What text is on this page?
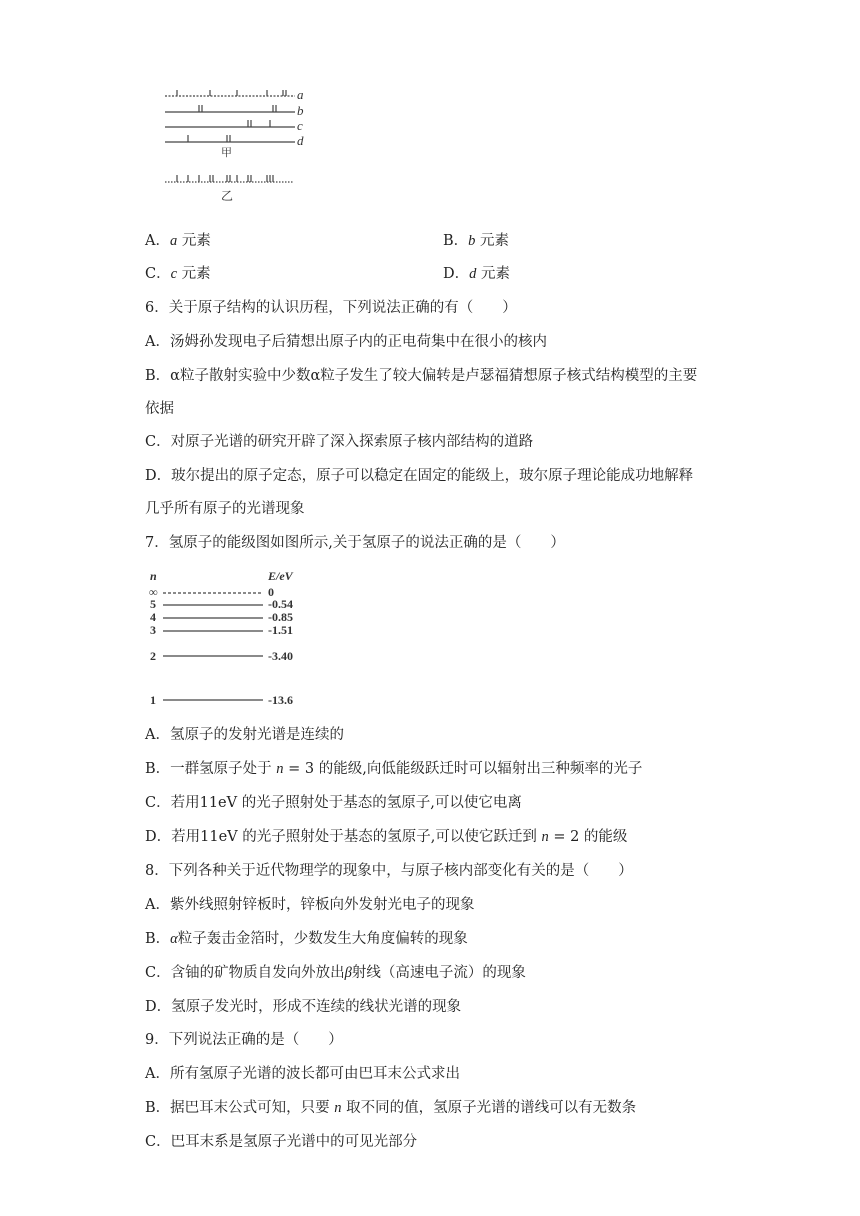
a
b
c
d
甲
乙
A．a 元素	B．b 元素
C．c 元素	D．d 元素
6．关于原子结构的认识历程，下列说法正确的有（　　）
A．汤姆孙发现电子后猜想出原子内的正电荷集中在很小的核内
B．α粒子散射实验中少数α粒子发生了较大偏转是卢瑟福猜想原子核式结构模型的主要
依据
C．对原子光谱的研究开辟了深入探索原子核内部结构的道路
D．玻尔提出的原子定态，原子可以稳定在固定的能级上，玻尔原子理论能成功地解释
几乎所有原子的光谱现象
7．氢原子的能级图如图所示,关于氢原子的说法正确的是（　　）
n	E/eV
∞	0
5	-0.54
4	-0.85
3	-1.51
2	-3.40
1	-13.6
A．氢原子的发射光谱是连续的
B．一群氢原子处于 n = 3 的能级,向低能级跃迁时可以辐射出三种频率的光子
C．若用11eV 的光子照射处于基态的氢原子,可以使它电离
D．若用11eV 的光子照射处于基态的氢原子,可以使它跃迁到 n = 2 的能级
8．下列各种关于近代物理学的现象中，与原子核内部变化有关的是（　　）
A．紫外线照射锌板时，锌板向外发射光电子的现象
B．α粒子轰击金箔时，少数发生大角度偏转的现象
C．含铀的矿物质自发向外放出β射线（高速电子流）的现象
D．氢原子发光时，形成不连续的线状光谱的现象
9．下列说法正确的是（　　）
A．所有氢原子光谱的波长都可由巴耳末公式求出
B．据巴耳末公式可知，只要 n 取不同的值，氢原子光谱的谱线可以有无数条
C．巴耳末系是氢原子光谱中的可见光部分
